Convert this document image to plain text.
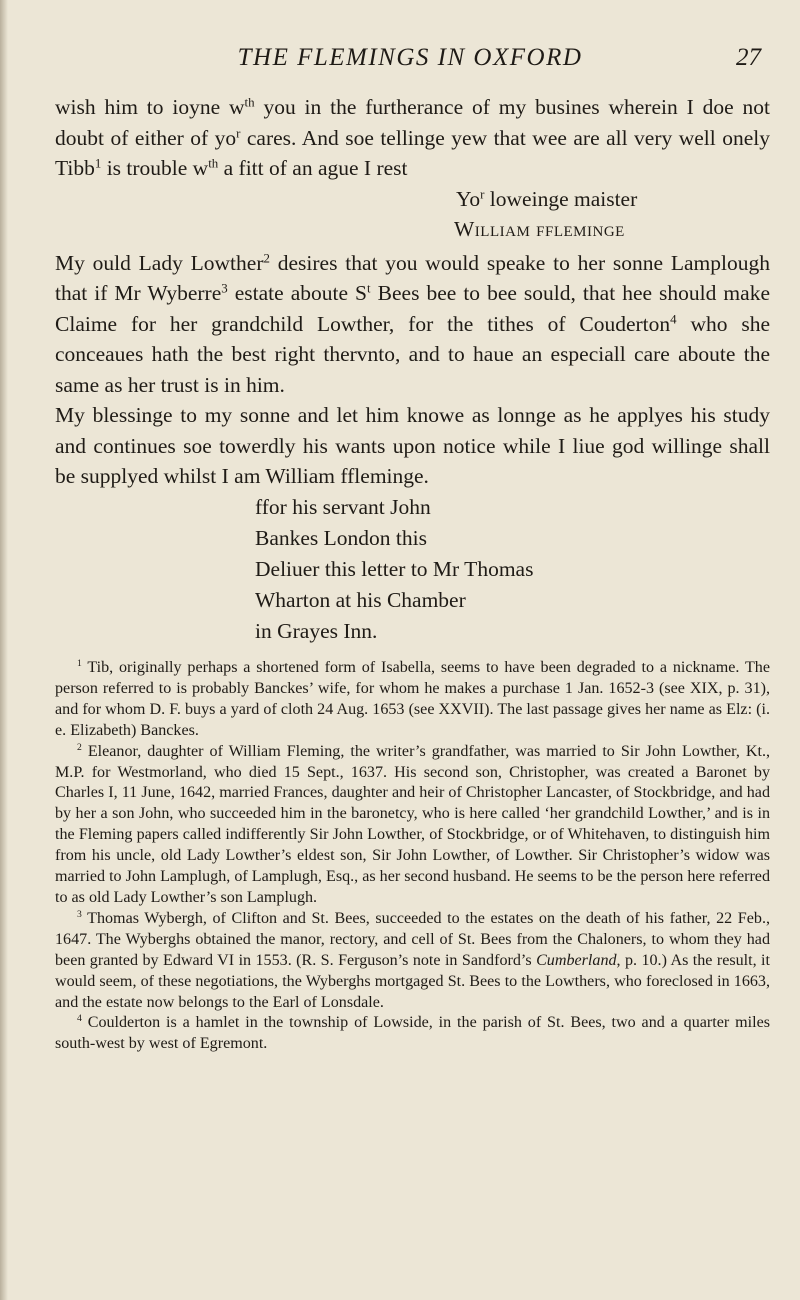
THE FLEMINGS IN OXFORD	27

wish him to ioyne $w^{th}$ you in the furtherance of my busines wherein I doe not doubt of either of $yo^r$ cares. And soe tellinge yew that wee are all very well onely Tibb$^1$ is trouble $w^{th}$ a fitt of an ague I rest

Yo$^r$ loweinge maister

William ffleminge

My ould Lady Lowther$^2$ desires that you would speake to her sonne Lamplough that if Mr Wyberre$^3$ estate aboute $S^t$ Bees bee to bee sould, that hee should make Claime for her grandchild Lowther, for the tithes of Couderton$^4$ who she conceaues hath the best right thervnto, and to haue an especiall care aboute the same as her trust is in him.

My blessinge to my sonne and let him knowe as lonnge as he applyes his study and continues soe towerdly his wants upon notice while I liue god willinge shall be supplyed whilst I am William ffleminge.

ffor his servant John
Bankes London this
Deliuer this letter to Mr Thomas
Wharton at his Chamber
in Grayes Inn.

$^1$ Tib, originally perhaps a shortened form of Isabella, seems to have been degraded to a nickname. The person referred to is probably Banckes’ wife, for whom he makes a purchase 1 Jan. 1652-3 (see XIX, p. 31), and for whom D. F. buys a yard of cloth 24 Aug. 1653 (see XXVII). The last passage gives her name as Elz: (i. e. Elizabeth) Banckes.

$^2$ Eleanor, daughter of William Fleming, the writer’s grandfather, was married to Sir John Lowther, Kt., M.P. for Westmorland, who died 15 Sept., 1637. His second son, Christopher, was created a Baronet by Charles I, 11 June, 1642, married Frances, daughter and heir of Christopher Lancaster, of Stockbridge, and had by her a son John, who succeeded him in the baronetcy, who is here called ‘her grandchild Lowther,’ and is in the Fleming papers called indifferently Sir John Lowther, of Stockbridge, or of Whitehaven, to distinguish him from his uncle, old Lady Lowther’s eldest son, Sir John Lowther, of Lowther. Sir Christopher’s widow was married to John Lamplugh, of Lamplugh, Esq., as her second husband. He seems to be the person here referred to as old Lady Lowther’s son Lamplugh.

$^3$ Thomas Wybergh, of Clifton and St. Bees, succeeded to the estates on the death of his father, 22 Feb., 1647. The Wyberghs obtained the manor, rectory, and cell of St. Bees from the Chaloners, to whom they had been granted by Edward VI in 1553. (R. S. Ferguson’s note in Sandford’s Cumberland, p. 10.) As the result, it would seem, of these negotiations, the Wyberghs mortgaged St. Bees to the Lowthers, who foreclosed in 1663, and the estate now belongs to the Earl of Lonsdale.

$^4$ Coulderton is a hamlet in the township of Lowside, in the parish of St. Bees, two and a quarter miles south-west by west of Egremont.
